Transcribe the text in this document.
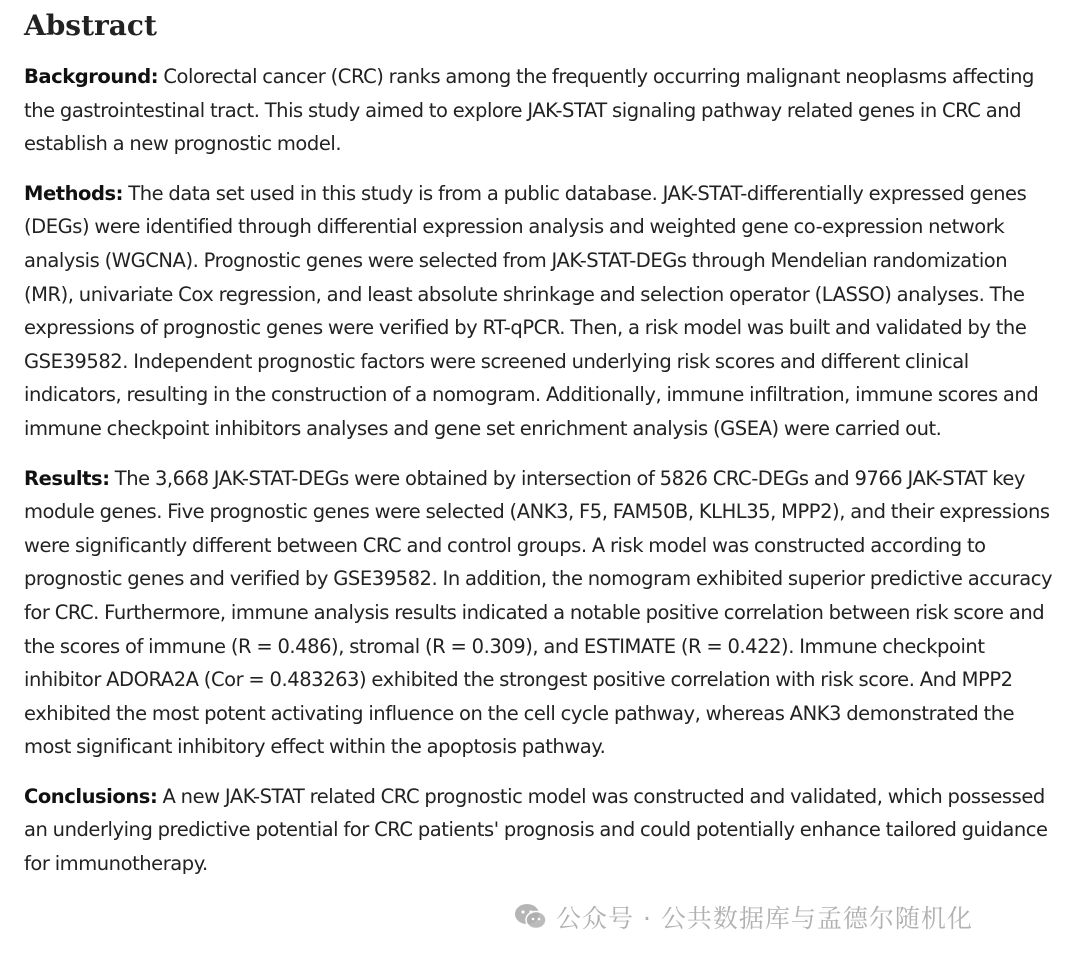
Abstract

Background: Colorectal cancer (CRC) ranks among the frequently occurring malignant neoplasms affecting the gastrointestinal tract. This study aimed to explore JAK-STAT signaling pathway related genes in CRC and establish a new prognostic model.

Methods: The data set used in this study is from a public database. JAK-STAT-differentially expressed genes (DEGs) were identified through differential expression analysis and weighted gene co-expression network analysis (WGCNA). Prognostic genes were selected from JAK-STAT-DEGs through Mendelian randomization (MR), univariate Cox regression, and least absolute shrinkage and selection operator (LASSO) analyses. The expressions of prognostic genes were verified by RT-qPCR. Then, a risk model was built and validated by the GSE39582. Independent prognostic factors were screened underlying risk scores and different clinical indicators, resulting in the construction of a nomogram. Additionally, immune infiltration, immune scores and immune checkpoint inhibitors analyses and gene set enrichment analysis (GSEA) were carried out.

Results: The 3,668 JAK-STAT-DEGs were obtained by intersection of 5826 CRC-DEGs and 9766 JAK-STAT key module genes. Five prognostic genes were selected (ANK3, F5, FAM50B, KLHL35, MPP2), and their expressions were significantly different between CRC and control groups. A risk model was constructed according to prognostic genes and verified by GSE39582. In addition, the nomogram exhibited superior predictive accuracy for CRC. Furthermore, immune analysis results indicated a notable positive correlation between risk score and the scores of immune (R = 0.486), stromal (R = 0.309), and ESTIMATE (R = 0.422). Immune checkpoint inhibitor ADORA2A (Cor = 0.483263) exhibited the strongest positive correlation with risk score. And MPP2 exhibited the most potent activating influence on the cell cycle pathway, whereas ANK3 demonstrated the most significant inhibitory effect within the apoptosis pathway.

Conclusions: A new JAK-STAT related CRC prognostic model was constructed and validated, which possessed an underlying predictive potential for CRC patients' prognosis and could potentially enhance tailored guidance for immunotherapy.

公众号 · 公共数据库与孟德尔随机化
